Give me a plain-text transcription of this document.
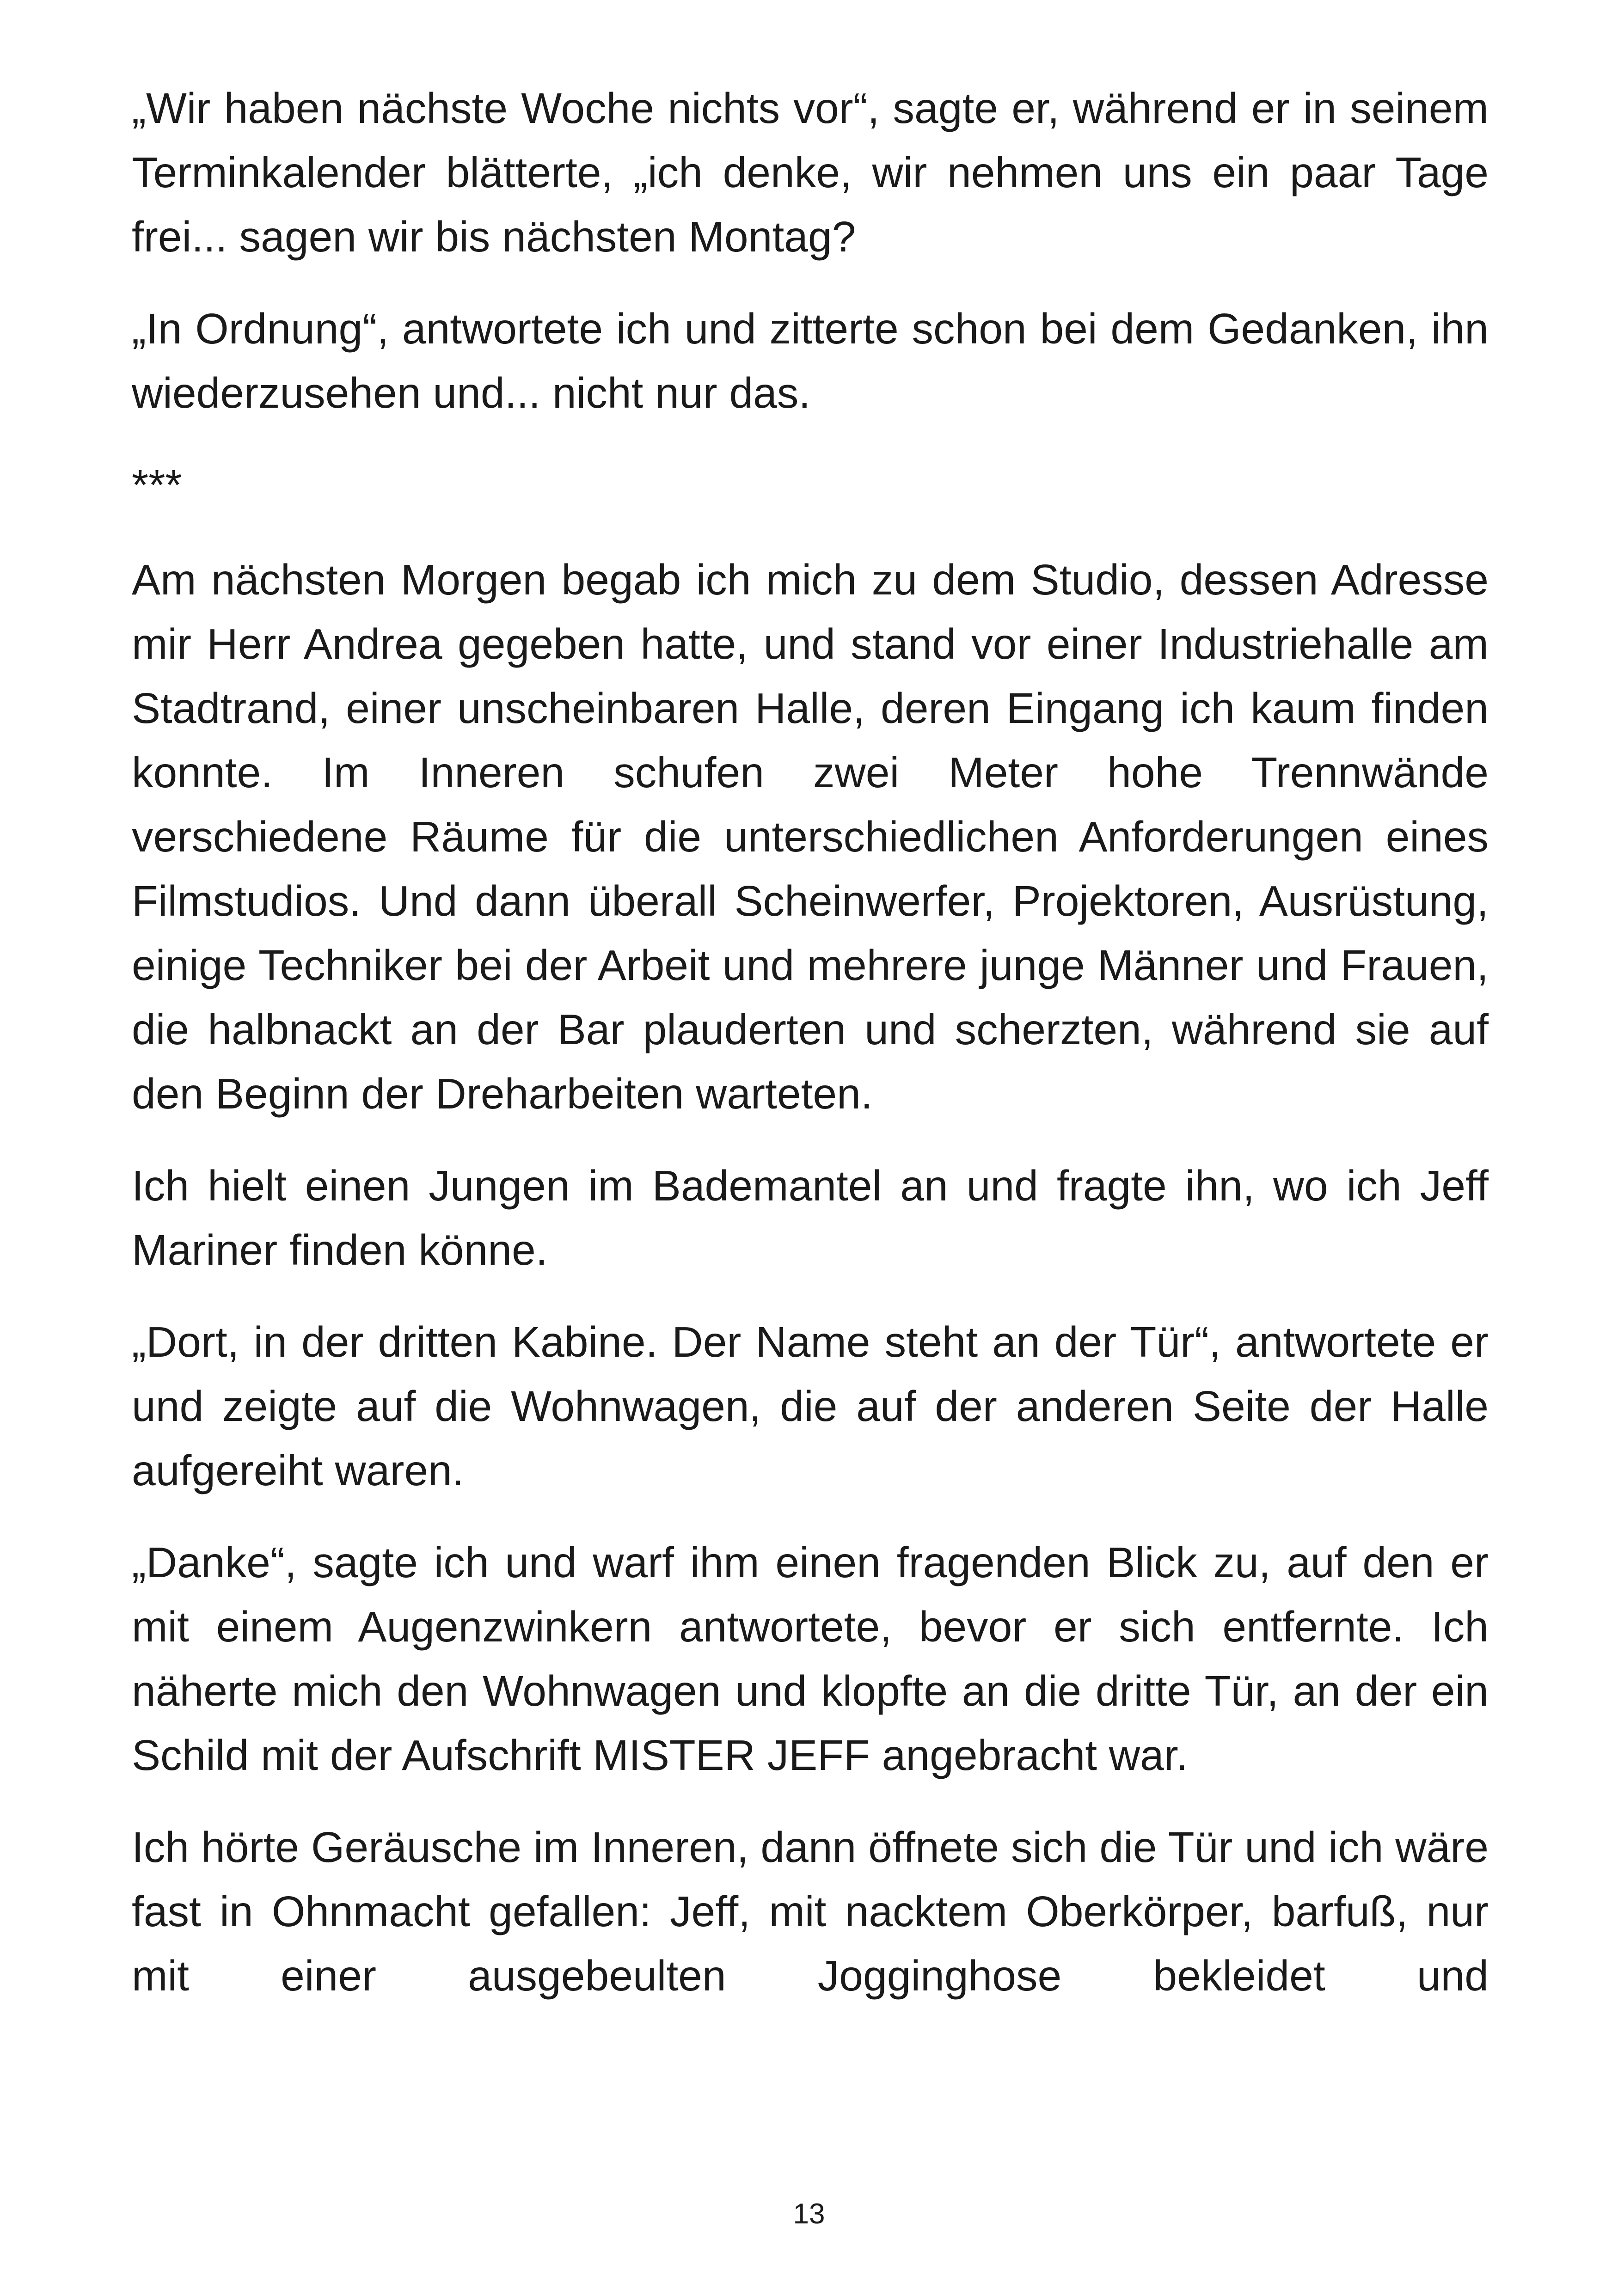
„Wir haben nächste Woche nichts vor“, sagte er, während er in seinem Terminkalender blätterte, „ich denke, wir nehmen uns ein paar Tage frei... sagen wir bis nächsten Montag?

„In Ordnung“, antwortete ich und zitterte schon bei dem Gedanken, ihn wiederzusehen und... nicht nur das.

***

Am nächsten Morgen begab ich mich zu dem Studio, dessen Adresse mir Herr Andrea gegeben hatte, und stand vor einer Industriehalle am Stadtrand, einer unscheinbaren Halle, deren Eingang ich kaum finden konnte. Im Inneren schufen zwei Meter hohe Trennwände verschiedene Räume für die unterschiedlichen Anforderungen eines Filmstudios. Und dann überall Scheinwerfer, Projektoren, Ausrüstung, einige Techniker bei der Arbeit und mehrere junge Männer und Frauen, die halbnackt an der Bar plauderten und scherzten, während sie auf den Beginn der Dreharbeiten warteten.

Ich hielt einen Jungen im Bademantel an und fragte ihn, wo ich Jeff Mariner finden könne.

„Dort, in der dritten Kabine. Der Name steht an der Tür“, antwortete er und zeigte auf die Wohnwagen, die auf der anderen Seite der Halle aufgereiht waren.

„Danke“, sagte ich und warf ihm einen fragenden Blick zu, auf den er mit einem Augenzwinkern antwortete, bevor er sich entfernte. Ich näherte mich den Wohnwagen und klopfte an die dritte Tür, an der ein Schild mit der Aufschrift MISTER JEFF angebracht war.

Ich hörte Geräusche im Inneren, dann öffnete sich die Tür und ich wäre fast in Ohnmacht gefallen: Jeff, mit nacktem Oberkörper, barfuß, nur mit einer ausgebeulten Jogginghose bekleidet und

13
